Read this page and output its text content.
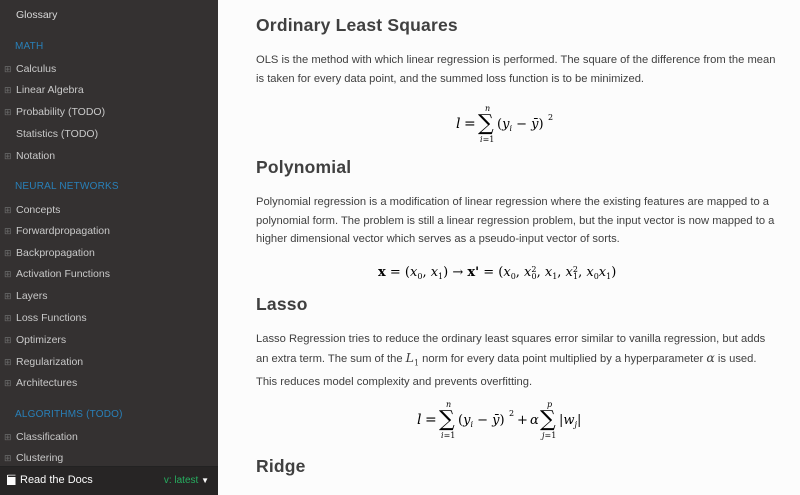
Glossary
MATH
⊞ Calculus
⊞ Linear Algebra
⊞ Probability (TODO)
Statistics (TODO)
⊞ Notation
NEURAL NETWORKS
⊞ Concepts
⊞ Forwardpropagation
⊞ Backpropagation
⊞ Activation Functions
⊞ Layers
⊞ Loss Functions
⊞ Optimizers
⊞ Regularization
⊞ Architectures
ALGORITHMS (TODO)
⊞ Classification
⊞ Clustering
Read the Docs	v: latest ▼
Ordinary Least Squares

OLS is the method with which linear regression is performed. The square of the difference from the mean is taken for every data point, and the summed loss function is to be minimized.

l = ∑
n
i=1
($y_i$ − ȳ) 2
Polynomial

Polynomial regression is a modification of linear regression where the existing features are mapped to a polynomial form. The problem is still a linear regression problem, but the input vector is now mapped to a higher dimensional vector which serves as a pseudo-input vector of sorts.

$x = (x_0$, $x_1) \to x' = (x_0$, $x^2$ 0, $x_1$, $x^2$ 1, $x_0x_1$)
Lasso

Lasso Regression tries to reduce the ordinary least squares error similar to vanilla regression, but adds an extra term. The sum of the $L_1$ norm for every data point multiplied by a hyperparameter α is used. This reduces model complexity and prevents overfitting.

l = ∑
n
i=1
($y_i$ − ȳ) 2 + α ∑
p
j=1
$|w_j|$
Ridge
